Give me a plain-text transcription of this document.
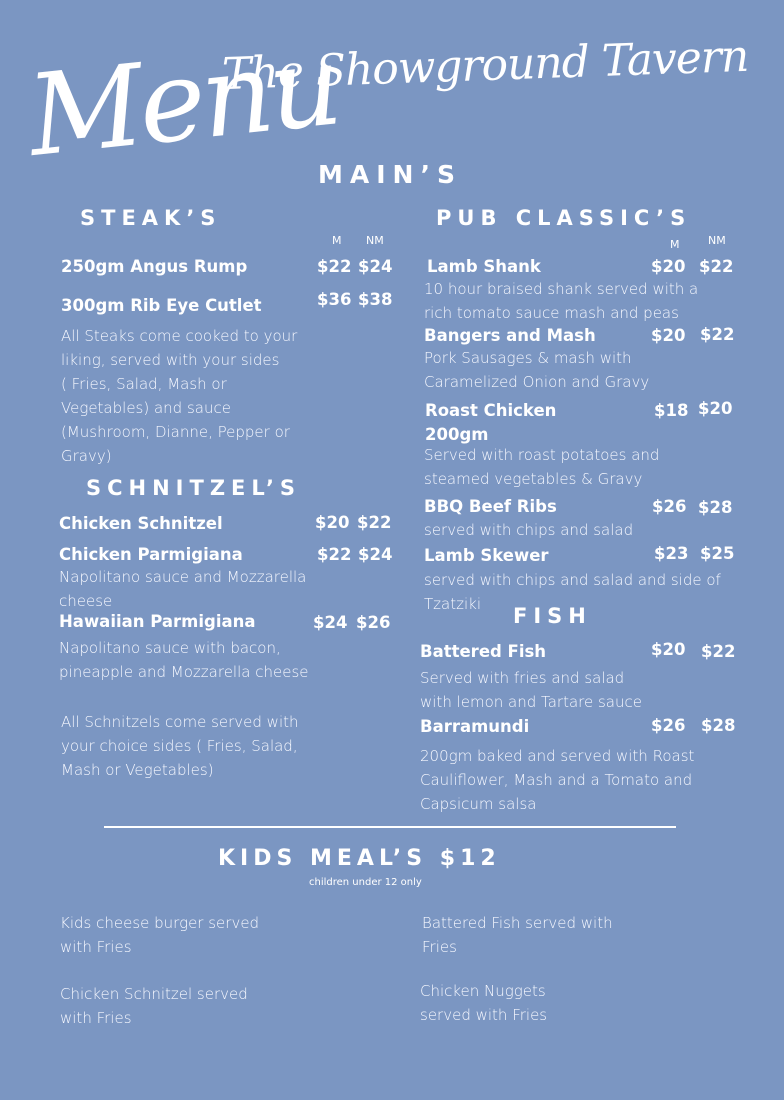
The Showground Tavern
Menu
MAIN’S
STEAK’S
M NM
250gm Angus Rump	$22 $24
300gm Rib Eye Cutlet	$36 $38
All Steaks come cooked to your
liking, served with your sides
( Fries, Salad, Mash or
Vegetables) and sauce
(Mushroom, Dianne, Pepper or
Gravy)
SCHNITZEL’S
Chicken Schnitzel	$20 $22
Chicken Parmigiana	$22 $24
Napolitano sauce and Mozzarella
cheese
Hawaiian Parmigiana	$24 $26
Napolitano sauce with bacon,
pineapple and Mozzarella cheese
All Schnitzels come served with
your choice sides ( Fries, Salad,
Mash or Vegetables)
PUB CLASSIC’S
M	NM
Lamb Shank	$20 $22
10 hour braised shank served with a
rich tomato sauce mash and peas
Bangers and Mash	$20 $22
Pork Sausages & mash with
Caramelized Onion and Gravy
Roast Chicken
200gm
$18 $20
Served with roast potatoes and
steamed vegetables & Gravy
BBQ Beef Ribs	$26 $28
served with chips and salad
Lamb Skewer	$23 $25
served with chips and salad and side of
Tzatziki	FISH
Battered Fish	$20 $22
Served with fries and salad
with lemon and Tartare sauce
Barramundi	$26 $28
200gm baked and served with Roast
Cauliflower, Mash and a Tomato and
Capsicum salsa
KIDS MEAL’S $12
children under 12 only
Kids cheese burger served
with Fries
Chicken Schnitzel served
with Fries
Battered Fish served with
Fries
Chicken Nuggets
served with Fries
